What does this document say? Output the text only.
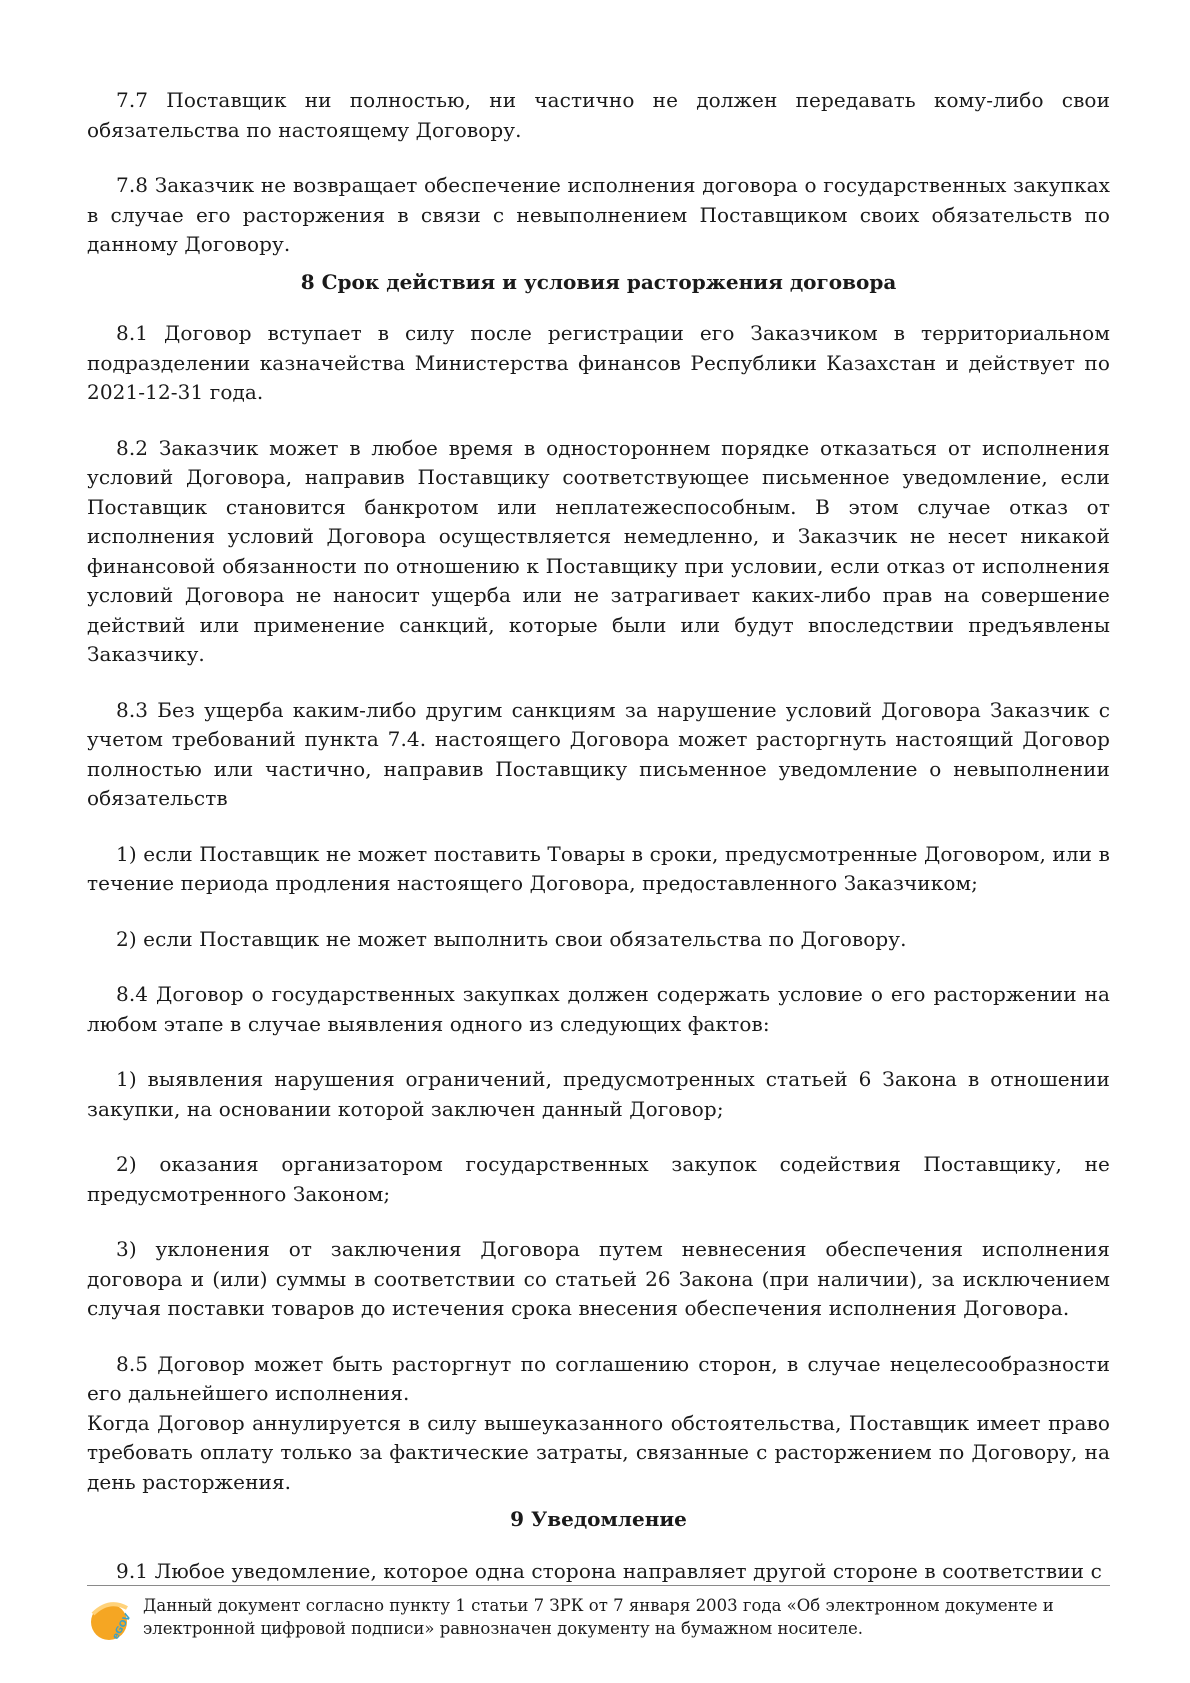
7.7 Поставщик ни полностью, ни частично не должен передавать кому-либо свои обязательства по настоящему Договору.

7.8 Заказчик не возвращает обеспечение исполнения договора о государственных закупках в случае его расторжения в связи с невыполнением Поставщиком своих обязательств по данному Договору.

8 Срок действия и условия расторжения договора

8.1 Договор вступает в силу после регистрации его Заказчиком в территориальном подразделении казначейства Министерства финансов Республики Казахстан и действует по 2021-12-31 года.

8.2 Заказчик может в любое время в одностороннем порядке отказаться от исполнения условий Договора, направив Поставщику соответствующее письменное уведомление, если Поставщик становится банкротом или неплатежеспособным. В этом случае отказ от исполнения условий Договора осуществляется немедленно, и Заказчик не несет никакой финансовой обязанности по отношению к Поставщику при условии, если отказ от исполнения условий Договора не наносит ущерба или не затрагивает каких-либо прав на совершение действий или применение санкций, которые были или будут впоследствии предъявлены Заказчику.

8.3 Без ущерба каким-либо другим санкциям за нарушение условий Договора Заказчик с учетом требований пункта 7.4. настоящего Договора может расторгнуть настоящий Договор полностью или частично, направив Поставщику письменное уведомление о невыполнении обязательств

1) если Поставщик не может поставить Товары в сроки, предусмотренные Договором, или в течение периода продления настоящего Договора, предоставленного Заказчиком;

2) если Поставщик не может выполнить свои обязательства по Договору.

8.4 Договор о государственных закупках должен содержать условие о его расторжении на любом этапе в случае выявления одного из следующих фактов:

1) выявления нарушения ограничений, предусмотренных статьей 6 Закона в отношении закупки, на основании которой заключен данный Договор;

2) оказания организатором государственных закупок содействия Поставщику, не предусмотренного Законом;

3) уклонения от заключения Договора путем невнесения обеспечения исполнения договора и (или) суммы в соответствии со статьей 26 Закона (при наличии), за исключением случая поставки товаров до истечения срока внесения обеспечения исполнения Договора.

8.5 Договор может быть расторгнут по соглашению сторон, в случае нецелесообразности его дальнейшего исполнения.

Когда Договор аннулируется в силу вышеуказанного обстоятельства, Поставщик имеет право требовать оплату только за фактические затраты, связанные с расторжением по Договору, на день расторжения.

9 Уведомление

9.1 Любое уведомление, которое одна сторона направляет другой стороне в соответствии с

eGOV
Данный документ согласно пункту 1 статьи 7 ЗРК от 7 января 2003 года «Об электронном документе и электронной цифровой подписи» равнозначен документу на бумажном носителе.
